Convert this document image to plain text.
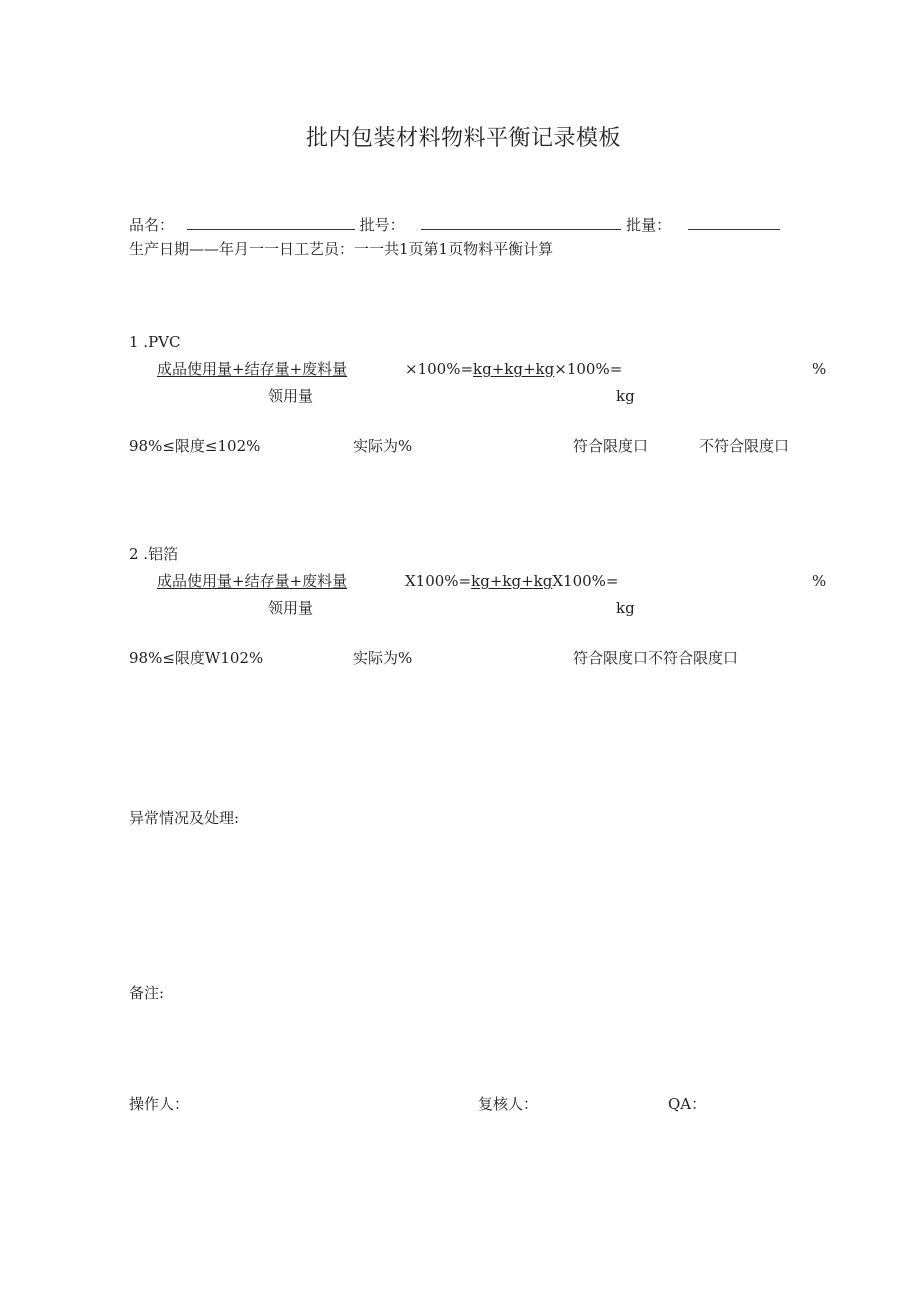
批内包装材料物料平衡记录模板
品名：	批号：	批量：
生产日期——年月一一日工艺员：一一共1页第1页物料平衡计算
1 .PVC
成品使用量+结存量+废料量	×100%=kg+kg+kg×100%=	%
领用量	kg
98%≤限度≤102%	实际为%	符合限度口	不符合限度口
2 .铝箔
成品使用量+结存量+废料量	X100%=kg+kg+kgX100%=	%
领用量	kg
98%≤限度W102%	实际为%	符合限度口不符合限度口
异常情况及处理:
备注:
操作人：	复核人：	QA：
